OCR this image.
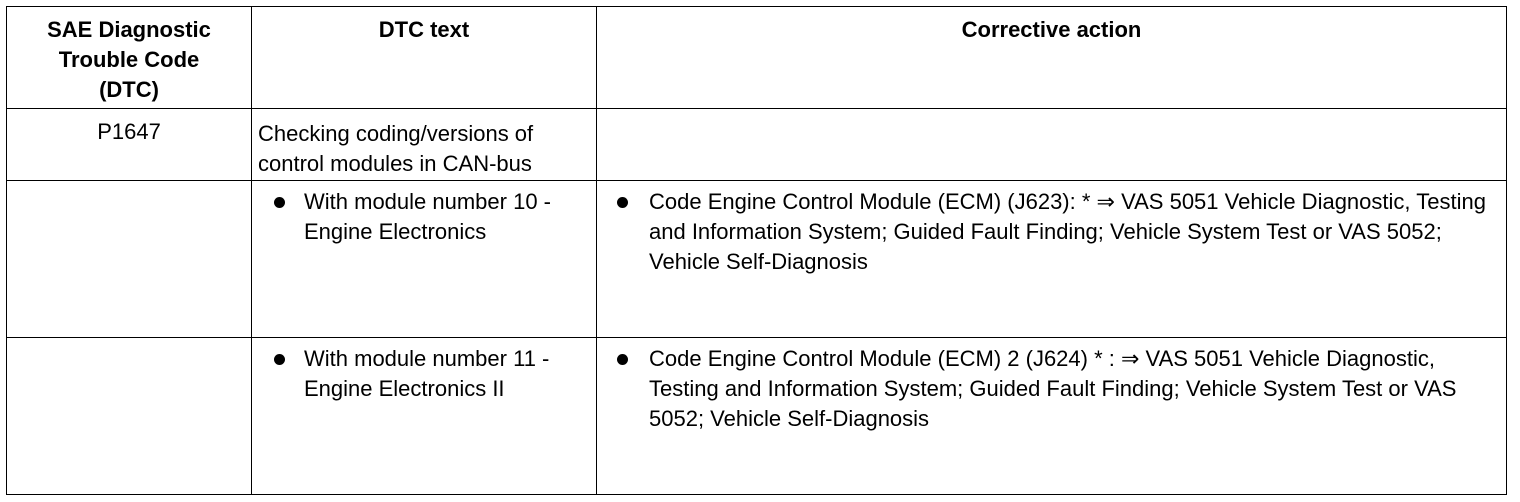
SAE Diagnostic Trouble Code (DTC)	DTC text	Corrective action
P1647	Checking coding/versions of control modules in CAN-bus	

	With module number 10 - Engine Electronics	Code Engine Control Module (ECM) (J623): * ⇒ VAS 5051 Vehicle Diagnostic, Testing and Information System; Guided Fault Finding; Vehicle System Test or VAS 5052; Vehicle Self-Diagnosis

	With module number 11 - Engine Electronics II	Code Engine Control Module (ECM) 2 (J624) * : ⇒ VAS 5051 Vehicle Diagnostic, Testing and Information System; Guided Fault Finding; Vehicle System Test or VAS 5052; Vehicle Self-Diagnosis
